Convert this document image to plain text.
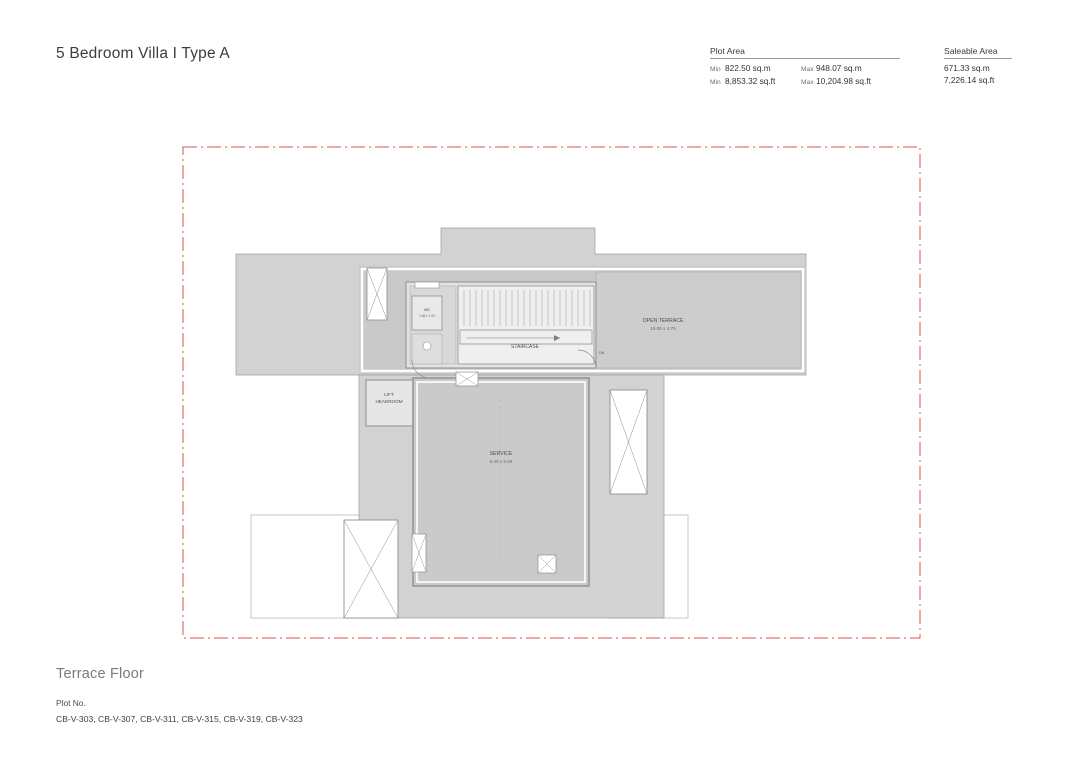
5 Bedroom Villa I Type A	Plot Area
Min 822.50 sq.m	Max 948.07 sq.m
Min 8,853.32 sq.ft	Max 10,204.98 sq.ft
Saleable Area
671.33 sq.m
7,226.14 sq.ft
OPEN TERRACE
18.05 x 4.75
STAIRCASE
SERVICE
6.40 x 9.59
LIFT
HEADROOM
WD
1.68 x 1.64
DN
Terrace Floor
Plot No.
CB-V-303, CB-V-307, CB-V-311, CB-V-315, CB-V-319, CB-V-323
